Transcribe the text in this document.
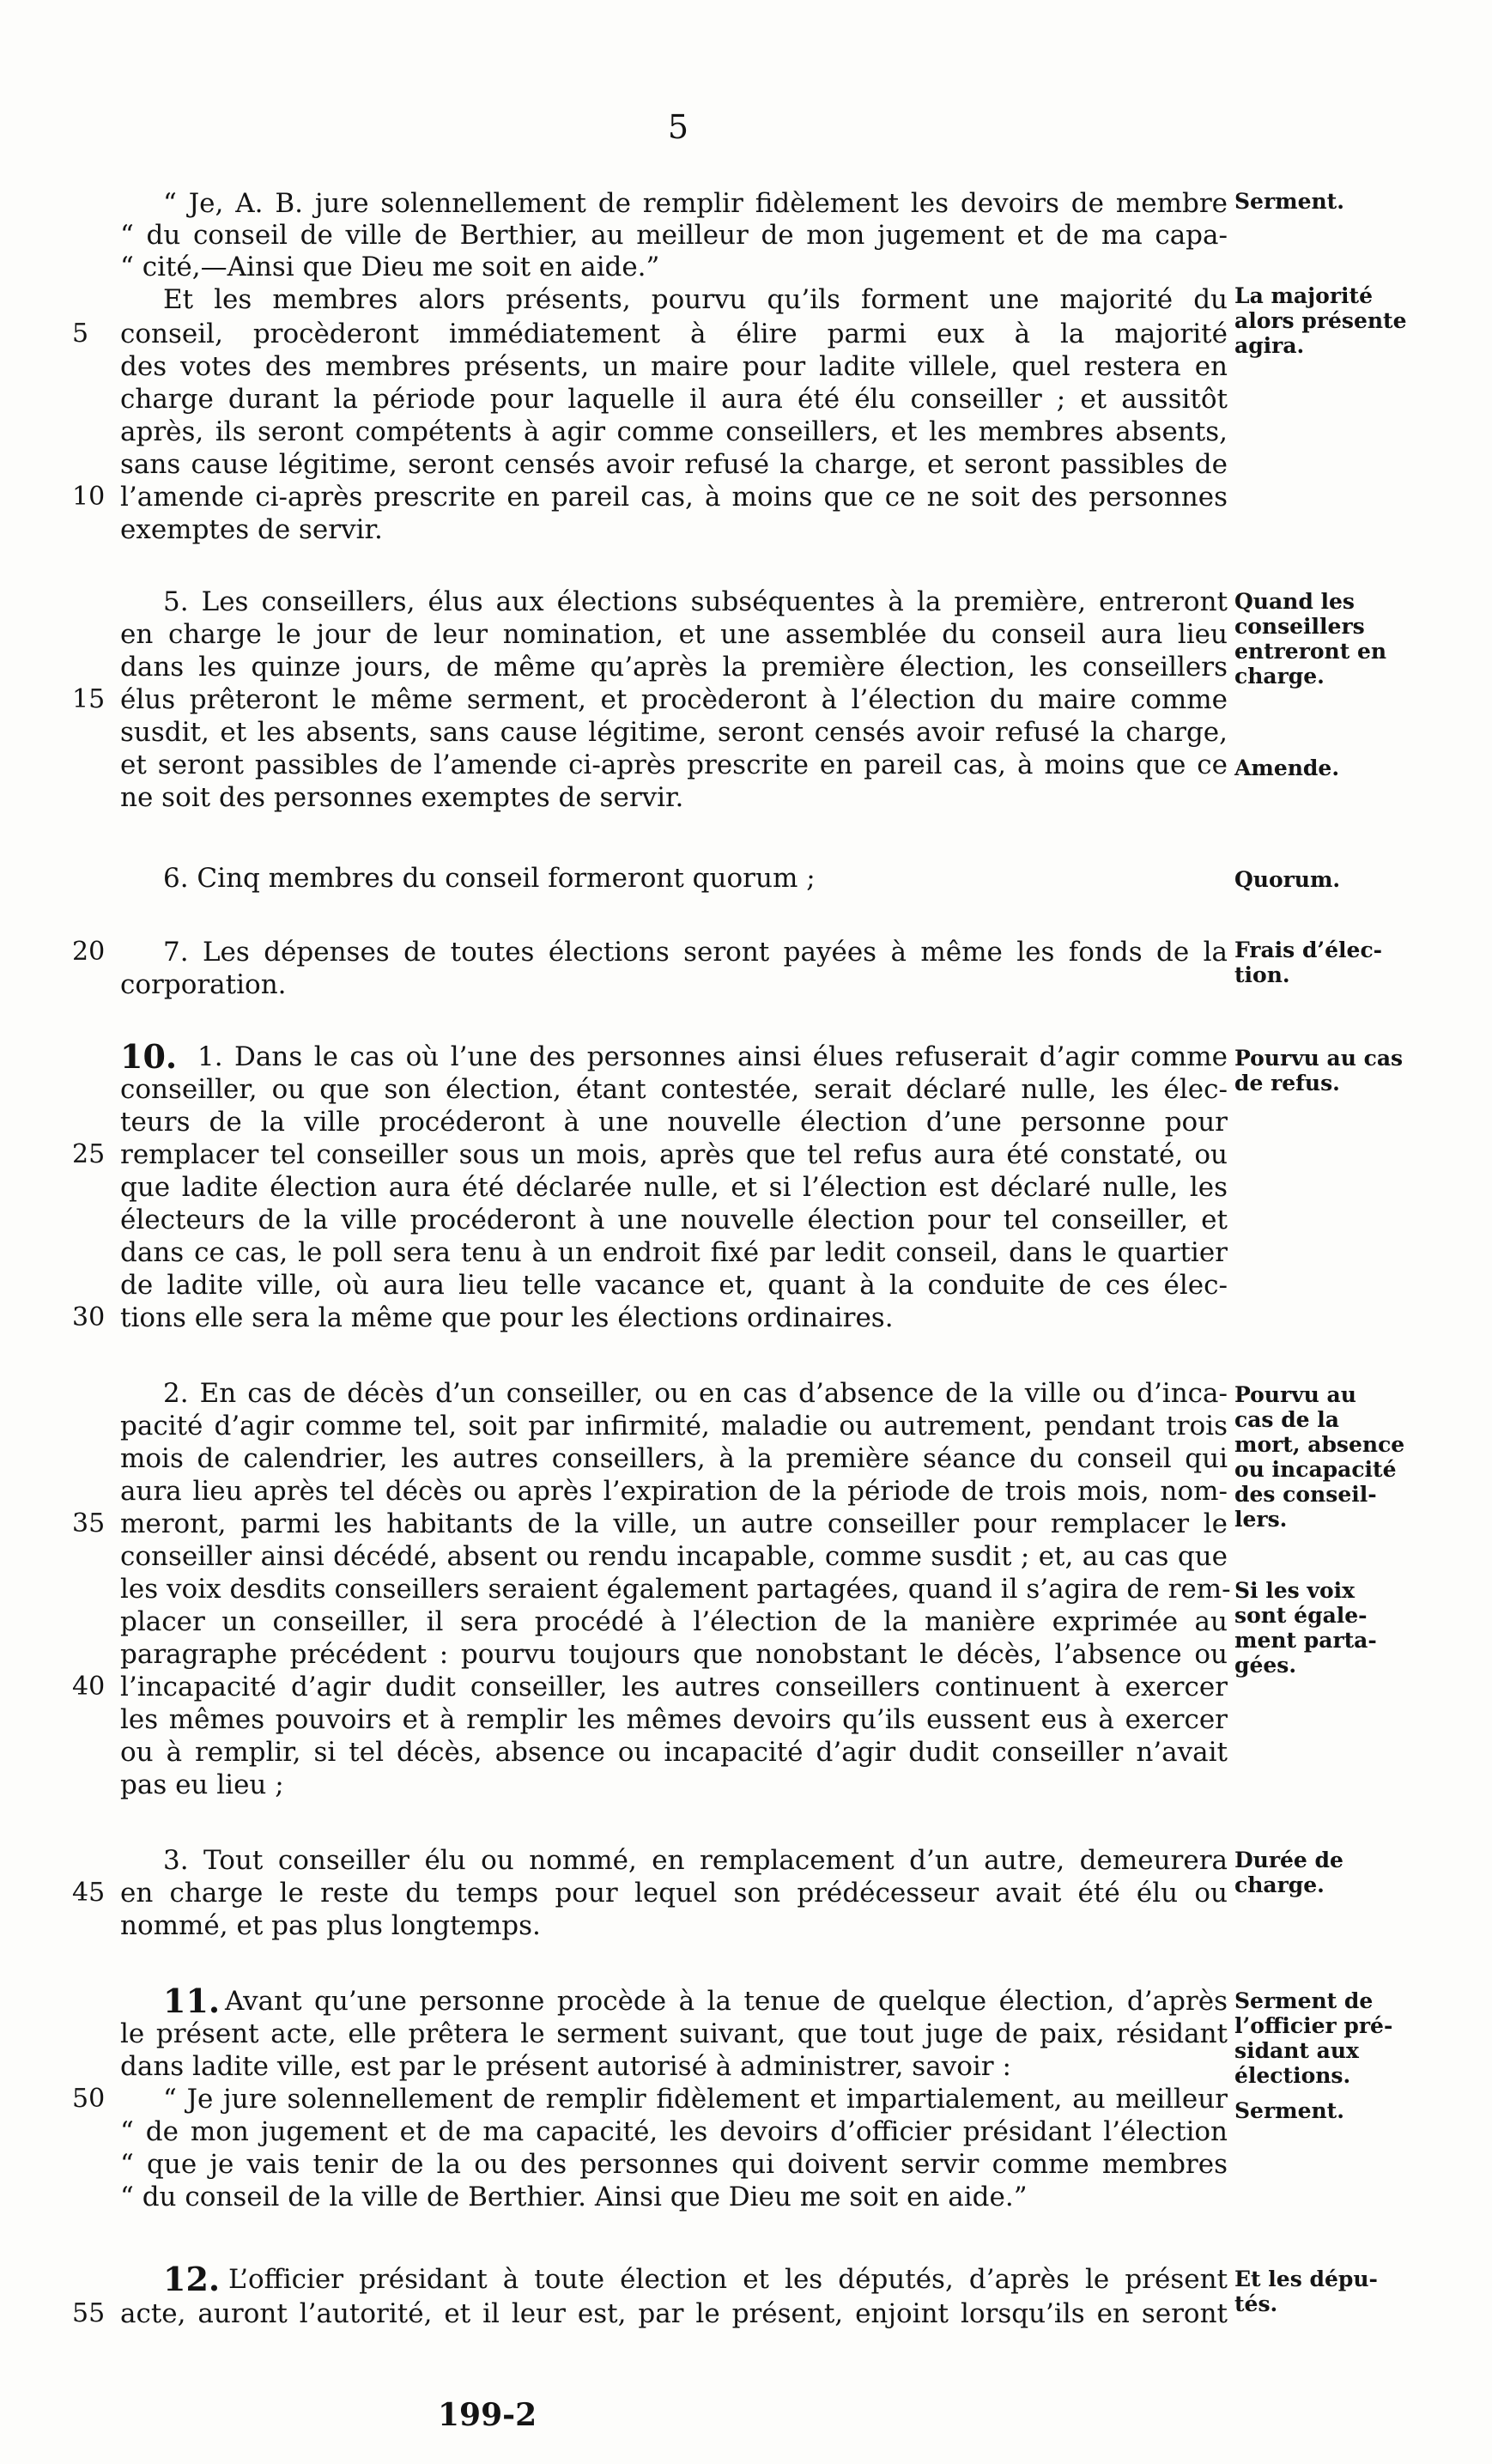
5
“ Je, A. B. jure solennellement de remplir fidèlement les devoirs de membre
“ du conseil de ville de Berthier, au meilleur de mon jugement et de ma capa-
“ cité,—Ainsi que Dieu me soit en aide.”
Et les membres alors présents, pourvu qu’ils forment une majorité du
conseil, procèderont immédiatement à élire parmi eux à la majorité
des votes des membres présents, un maire pour ladite villele, quel restera en
charge durant la période pour laquelle il aura été élu conseiller ; et aussitôt
après, ils seront compétents à agir comme conseillers, et les membres absents,
sans cause légitime, seront censés avoir refusé la charge, et seront passibles de
l’amende ci-après prescrite en pareil cas, à moins que ce ne soit des personnes
exemptes de servir.
5. Les conseillers, élus aux élections subséquentes à la première, entreront
en charge le jour de leur nomination, et une assemblée du conseil aura lieu
dans les quinze jours, de même qu’après la première élection, les conseillers
élus prêteront le même serment, et procèderont à l’élection du maire comme
susdit, et les absents, sans cause légitime, seront censés avoir refusé la charge,
et seront passibles de l’amende ci-après prescrite en pareil cas, à moins que ce
ne soit des personnes exemptes de servir.
6. Cinq membres du conseil formeront quorum ;
7. Les dépenses de toutes élections seront payées à même les fonds de la
corporation.
10. 1. Dans le cas où l’une des personnes ainsi élues refuserait d’agir comme
conseiller, ou que son élection, étant contestée, serait déclaré nulle, les élec-
teurs de la ville procéderont à une nouvelle élection d’une personne pour
remplacer tel conseiller sous un mois, après que tel refus aura été constaté, ou
que ladite élection aura été déclarée nulle, et si l’élection est déclaré nulle, les
électeurs de la ville procéderont à une nouvelle élection pour tel conseiller, et
dans ce cas, le poll sera tenu à un endroit fixé par ledit conseil, dans le quartier
de ladite ville, où aura lieu telle vacance et, quant à la conduite de ces élec-
tions elle sera la même que pour les élections ordinaires.
2. En cas de décès d’un conseiller, ou en cas d’absence de la ville ou d’inca-
pacité d’agir comme tel, soit par infirmité, maladie ou autrement, pendant trois
mois de calendrier, les autres conseillers, à la première séance du conseil qui
aura lieu après tel décès ou après l’expiration de la période de trois mois, nom-
meront, parmi les habitants de la ville, un autre conseiller pour remplacer le
conseiller ainsi décédé, absent ou rendu incapable, comme susdit ; et, au cas que
les voix desdits conseillers seraient également partagées, quand il s’agira de rem-
placer un conseiller, il sera procédé à l’élection de la manière exprimée au
paragraphe précédent : pourvu toujours que nonobstant le décès, l’absence ou
l’incapacité d’agir dudit conseiller, les autres conseillers continuent à exercer
les mêmes pouvoirs et à remplir les mêmes devoirs qu’ils eussent eus à exercer
ou à remplir, si tel décès, absence ou incapacité d’agir dudit conseiller n’avait
pas eu lieu ;
3. Tout conseiller élu ou nommé, en remplacement d’un autre, demeurera
en charge le reste du temps pour lequel son prédécesseur avait été élu ou
nommé, et pas plus longtemps.
11. Avant qu’une personne procède à la tenue de quelque élection, d’après
le présent acte, elle prêtera le serment suivant, que tout juge de paix, résidant
dans ladite ville, est par le présent autorisé à administrer, savoir :
“ Je jure solennellement de remplir fidèlement et impartialement, au meilleur
“ de mon jugement et de ma capacité, les devoirs d’officier présidant l’élection
“ que je vais tenir de la ou des personnes qui doivent servir comme membres
“ du conseil de la ville de Berthier. Ainsi que Dieu me soit en aide.”
12. L’officier présidant à toute élection et les députés, d’après le présent
acte, auront l’autorité, et il leur est, par le présent, enjoint lorsqu’ils en seront
5
10
15
20
25
30
35
40
45
50
55
Serment.
La majorité
alors présente
agira.
Quand les
conseillers
entreront en
charge.
Amende.
Quorum.
Frais d’élec-
tion.
Pourvu au cas
de refus.
Pourvu au
cas de la
mort, absence
ou incapacité
des conseil-
lers.
Si les voix
sont égale-
ment parta-
gées.
Durée de
charge.
Serment de
l’officier pré-
sidant aux
élections.
Serment.
Et les dépu-
tés.
199-2
